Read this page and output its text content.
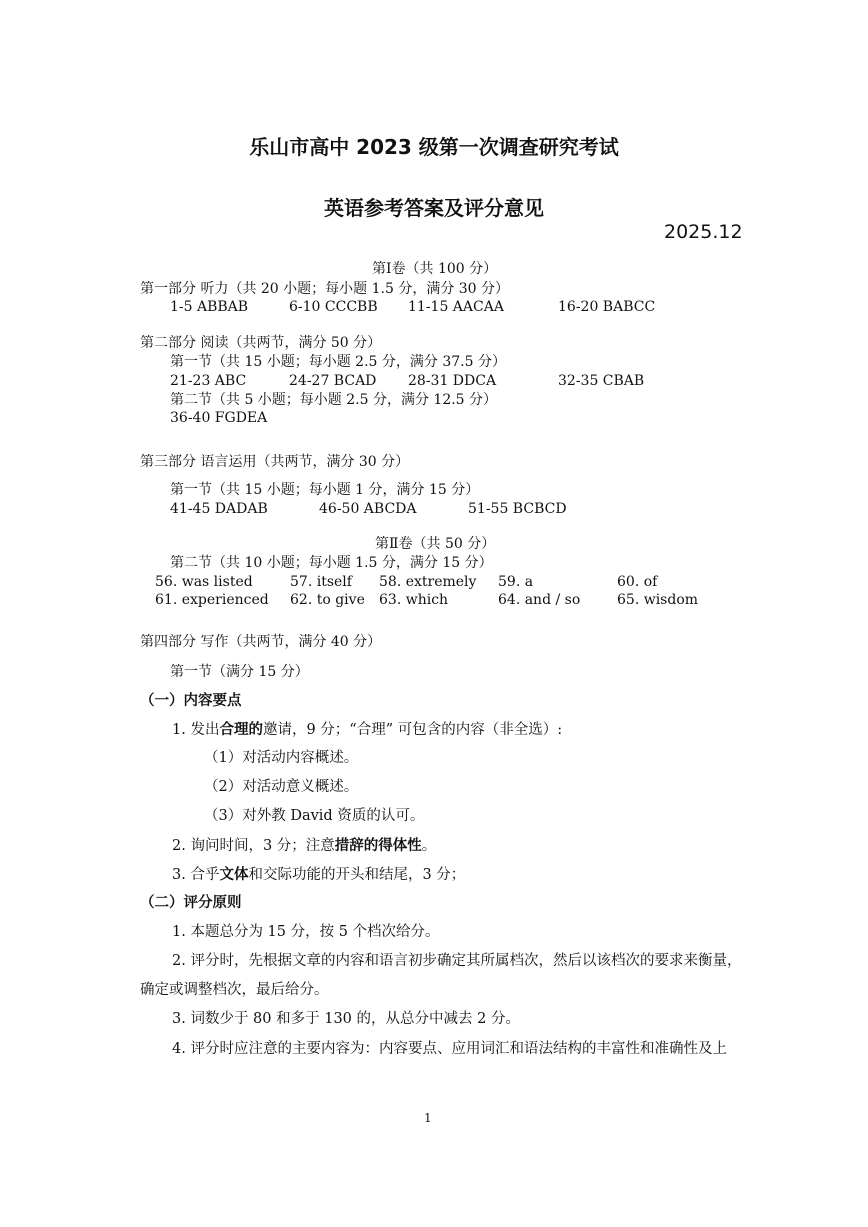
乐山市高中 2023 级第一次调查研究考试
英语参考答案及评分意见
2025.12
第Ⅰ卷（共 100 分）
第一部分 听力（共 20 小题；每小题 1.5 分，满分 30 分）
1-5 ABBAB	6-10 CCCBB 11-15 AACAA	16-20 BABCC
第二部分 阅读（共两节，满分 50 分）
第一节（共 15 小题；每小题 2.5 分，满分 37.5 分）
21-23 ABC	24-27 BCAD 28-31 DDCA	32-35 CBAB
第二节（共 5 小题；每小题 2.5 分，满分 12.5 分）
36-40 FGDEA
第三部分 语言运用（共两节，满分 30 分）
第一节（共 15 小题；每小题 1 分，满分 15 分）
41-45 DADAB	46-50 ABCDA	51-55 BCBCD
第Ⅱ卷（共 50 分）
第二节（共 10 小题；每小题 1.5 分，满分 15 分）
56. was listed	57. itself 58. extremely 59. a	60. of
61. experienced 62. to give 63. which	64. and / so	65. wisdom
第四部分 写作（共两节，满分 40 分）
第一节（满分 15 分）
（一）内容要点
1. 发出合理的邀请，9 分；“合理” 可包含的内容（非全选）:
（1）对活动内容概述。
（2）对活动意义概述。
（3）对外教 David 资质的认可。
2. 询问时间，3 分；注意措辞的得体性。
3. 合乎文体和交际功能的开头和结尾，3 分；
（二）评分原则
1. 本题总分为 15 分，按 5 个档次给分。
2. 评分时，先根据文章的内容和语言初步确定其所属档次，然后以该档次的要求来衡量，
确定或调整档次，最后给分。
3. 词数少于 80 和多于 130 的，从总分中减去 2 分。
4. 评分时应注意的主要内容为：内容要点、应用词汇和语法结构的丰富性和准确性及上
1
